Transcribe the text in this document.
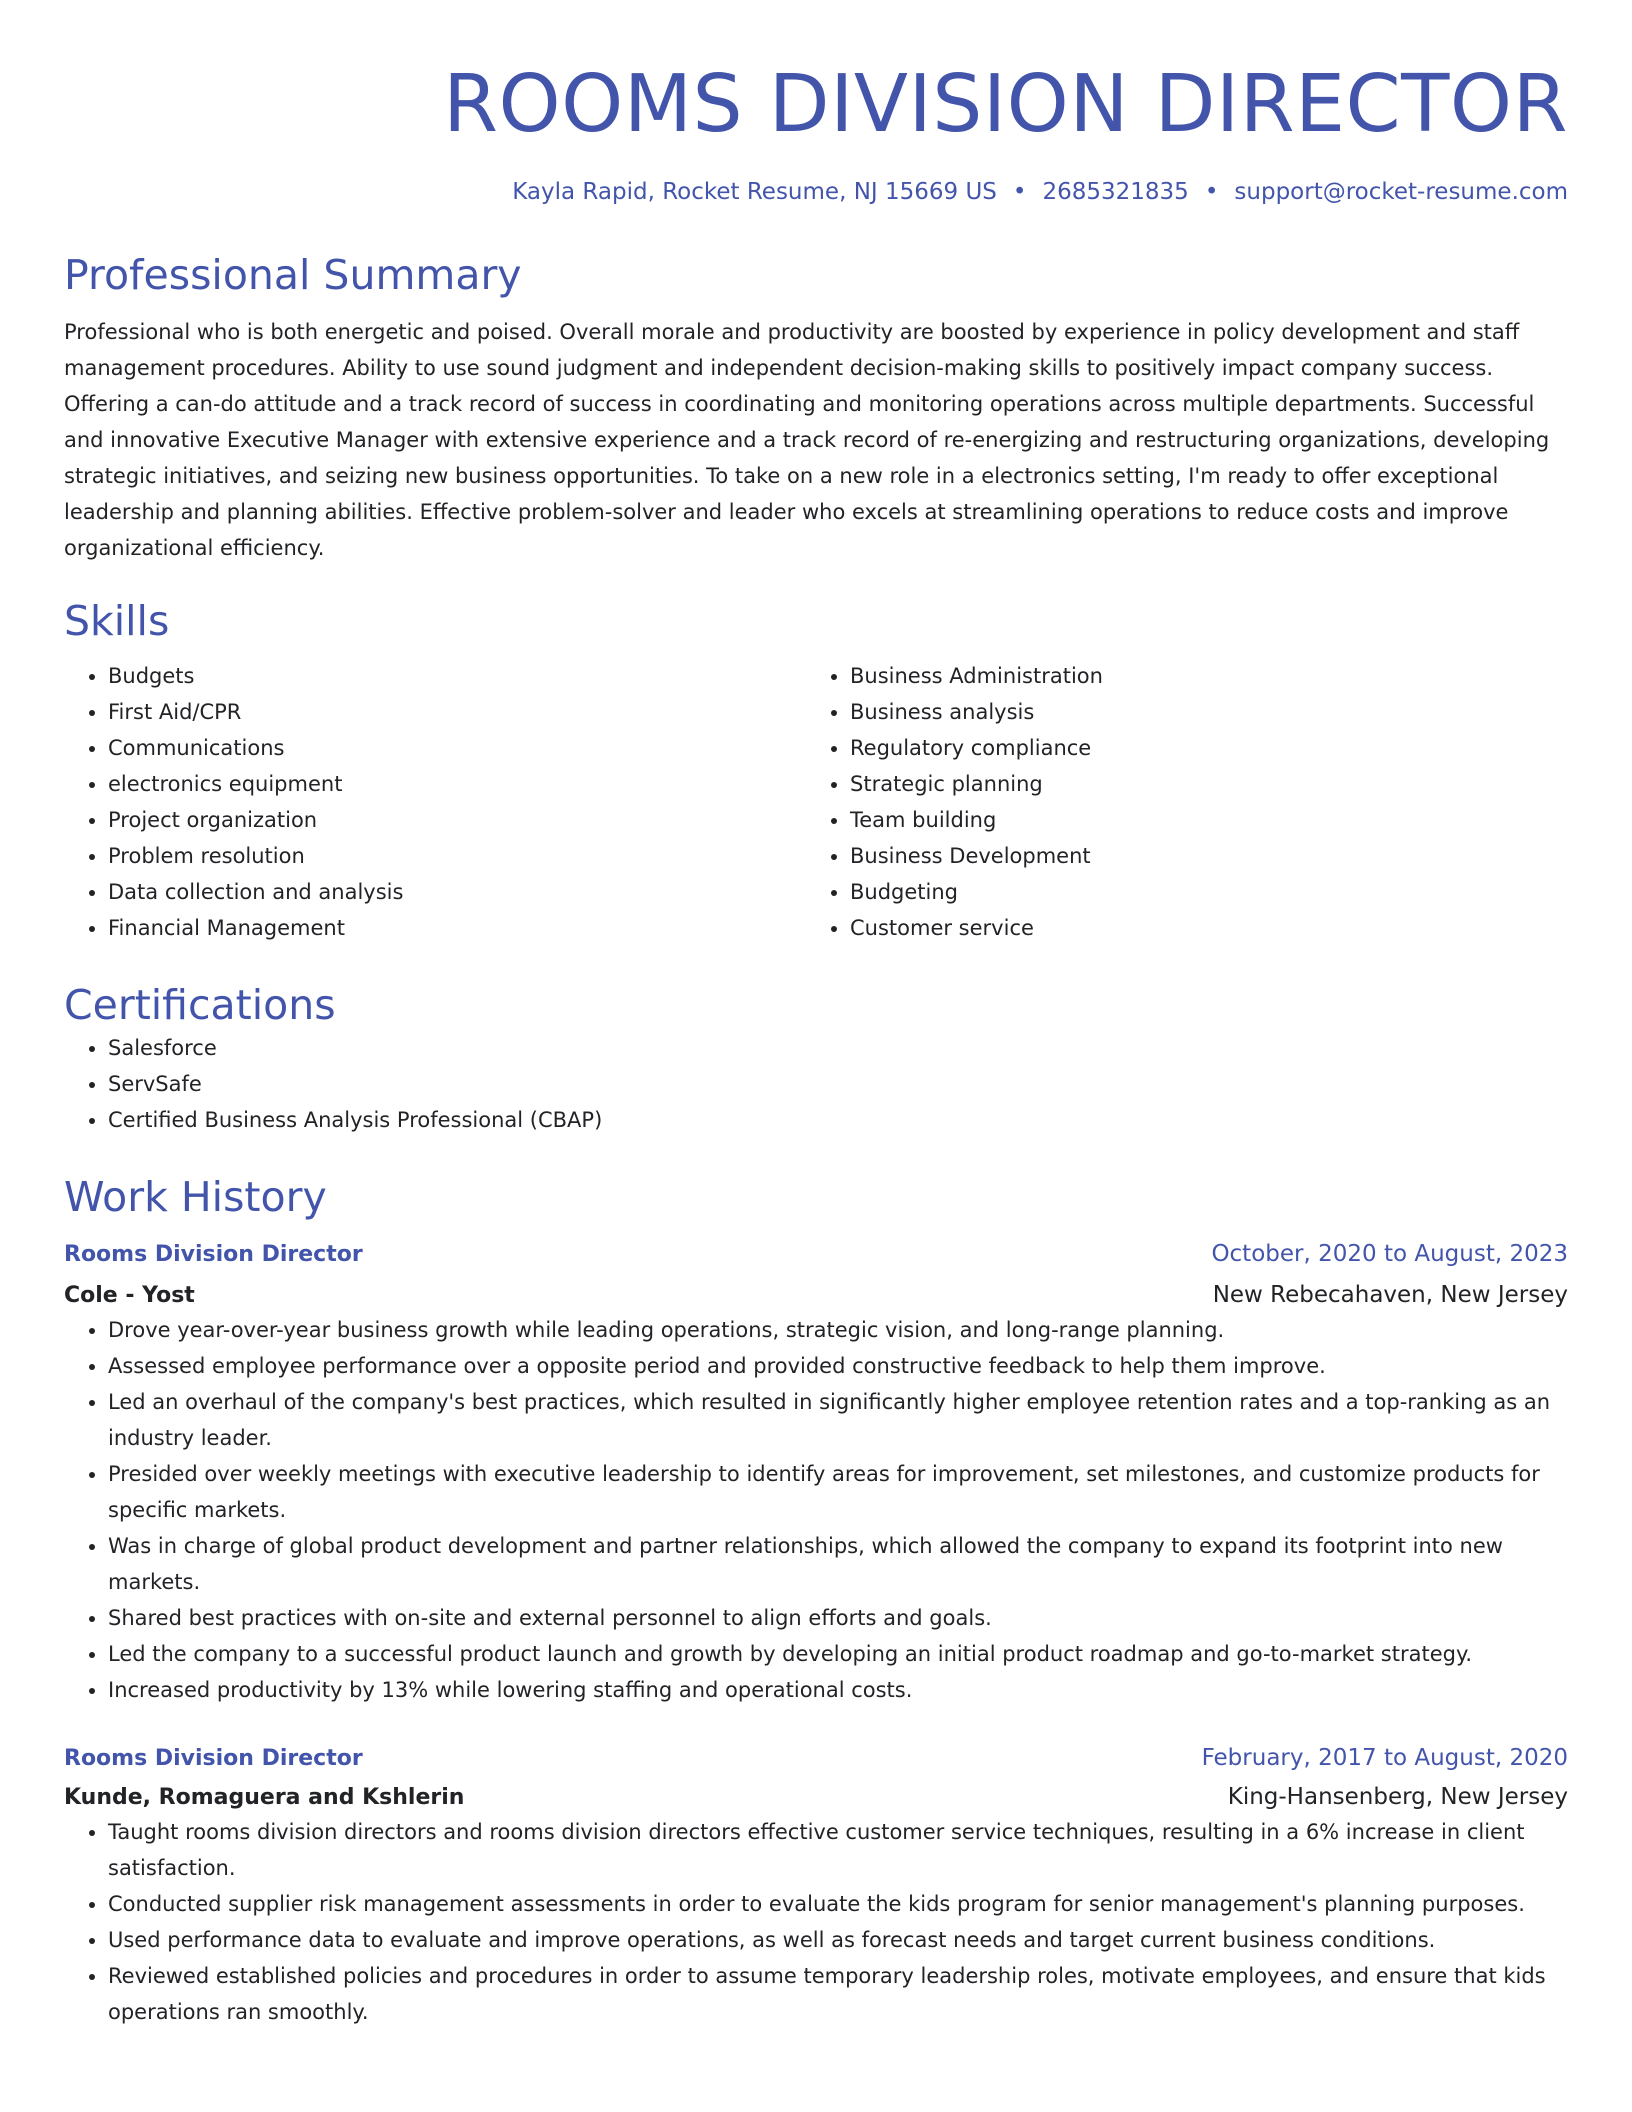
ROOMS DIVISION DIRECTOR
Kayla Rapid, Rocket Resume, NJ 15669 US • 2685321835 • support@rocket-resume.com
Professional Summary

Professional who is both energetic and poised. Overall morale and productivity are boosted by experience in policy development and staff management procedures. Ability to use sound judgment and independent decision-making skills to positively impact company success. Offering a can-do attitude and a track record of success in coordinating and monitoring operations across multiple departments. Successful and innovative Executive Manager with extensive experience and a track record of re-energizing and restructuring organizations, developing strategic initiatives, and seizing new business opportunities. To take on a new role in a electronics setting, I'm ready to offer exceptional leadership and planning abilities. Effective problem-solver and leader who excels at streamlining operations to reduce costs and improve organizational efficiency.

Skills
• Budgets
• First Aid/CPR
• Communications
• electronics equipment
• Project organization
• Problem resolution
• Data collection and analysis
• Financial Management
• Business Administration
• Business analysis
• Regulatory compliance
• Strategic planning
• Team building
• Business Development
• Budgeting
• Customer service
Certifications
• Salesforce
• ServSafe
• Certified Business Analysis Professional (CBAP)
Work History
Rooms Division Director	October, 2020 to August, 2023
Cole - Yost	New Rebecahaven, New Jersey
• Drove year-over-year business growth while leading operations, strategic vision, and long-range planning.
• Assessed employee performance over a opposite period and provided constructive feedback to help them improve.
• Led an overhaul of the company's best practices, which resulted in significantly higher employee retention rates and a top-ranking as an industry leader.
• Presided over weekly meetings with executive leadership to identify areas for improvement, set milestones, and customize products for specific markets.
• Was in charge of global product development and partner relationships, which allowed the company to expand its footprint into new markets.
• Shared best practices with on-site and external personnel to align efforts and goals.
• Led the company to a successful product launch and growth by developing an initial product roadmap and go-to-market strategy.
• Increased productivity by 13% while lowering staffing and operational costs.
Rooms Division Director	February, 2017 to August, 2020
Kunde, Romaguera and Kshlerin	King-Hansenberg, New Jersey
• Taught rooms division directors and rooms division directors effective customer service techniques, resulting in a 6% increase in client satisfaction.
• Conducted supplier risk management assessments in order to evaluate the kids program for senior management's planning purposes.
• Used performance data to evaluate and improve operations, as well as forecast needs and target current business conditions.
• Reviewed established policies and procedures in order to assume temporary leadership roles, motivate employees, and ensure that kids operations ran smoothly.
